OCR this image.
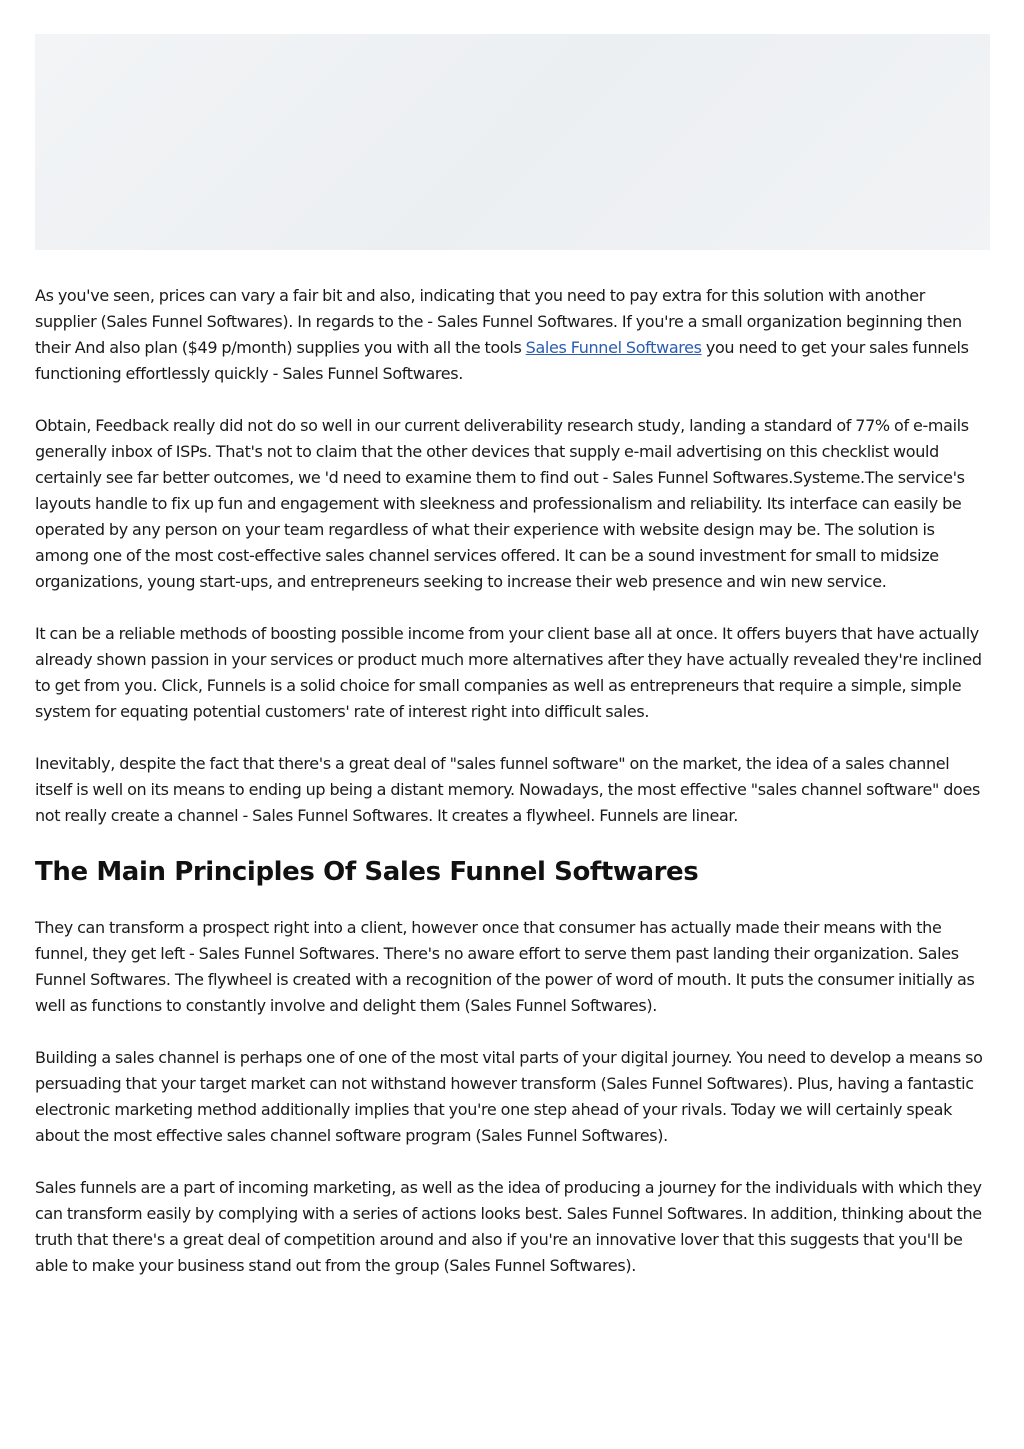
As you've seen, prices can vary a fair bit and also, indicating that you need to pay extra for this solution with another supplier (Sales Funnel Softwares). In regards to the - Sales Funnel Softwares. If you're a small organization beginning then their And also plan ($49 p/month) supplies you with all the tools Sales Funnel Softwares you need to get your sales funnels functioning effortlessly quickly - Sales Funnel Softwares.

Obtain, Feedback really did not do so well in our current deliverability research study, landing a standard of 77% of e-mails generally inbox of ISPs. That's not to claim that the other devices that supply e-mail advertising on this checklist would certainly see far better outcomes, we 'd need to examine them to find out - Sales Funnel Softwares.Systeme.The service's layouts handle to fix up fun and engagement with sleekness and professionalism and reliability. Its interface can easily be operated by any person on your team regardless of what their experience with website design may be. The solution is among one of the most cost-effective sales channel services offered. It can be a sound investment for small to midsize organizations, young start-ups, and entrepreneurs seeking to increase their web presence and win new service.

It can be a reliable methods of boosting possible income from your client base all at once. It offers buyers that have actually already shown passion in your services or product much more alternatives after they have actually revealed they're inclined to get from you. Click, Funnels is a solid choice for small companies as well as entrepreneurs that require a simple, simple system for equating potential customers' rate of interest right into difficult sales.

Inevitably, despite the fact that there's a great deal of "sales funnel software" on the market, the idea of a sales channel itself is well on its means to ending up being a distant memory. Nowadays, the most effective "sales channel software" does not really create a channel - Sales Funnel Softwares. It creates a flywheel. Funnels are linear.

The Main Principles Of Sales Funnel Softwares

They can transform a prospect right into a client, however once that consumer has actually made their means with the funnel, they get left - Sales Funnel Softwares. There's no aware effort to serve them past landing their organization. Sales Funnel Softwares. The flywheel is created with a recognition of the power of word of mouth. It puts the consumer initially as well as functions to constantly involve and delight them (Sales Funnel Softwares).

Building a sales channel is perhaps one of one of the most vital parts of your digital journey. You need to develop a means so persuading that your target market can not withstand however transform (Sales Funnel Softwares). Plus, having a fantastic electronic marketing method additionally implies that you're one step ahead of your rivals. Today we will certainly speak about the most effective sales channel software program (Sales Funnel Softwares).

Sales funnels are a part of incoming marketing, as well as the idea of producing a journey for the individuals with which they can transform easily by complying with a series of actions looks best. Sales Funnel Softwares. In addition, thinking about the truth that there's a great deal of competition around and also if you're an innovative lover that this suggests that you'll be able to make your business stand out from the group (Sales Funnel Softwares).
